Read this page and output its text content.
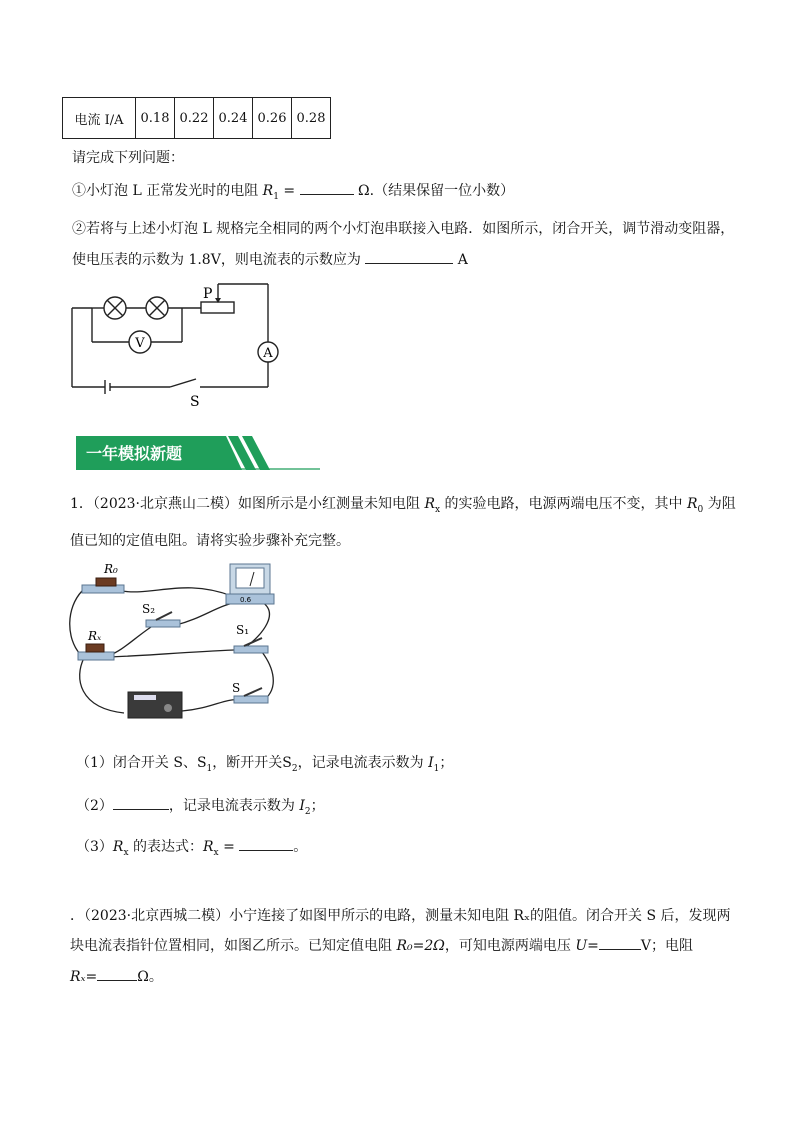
电流 I/A	0.18	0.22	0.24	0.26	0.28
请完成下列问题：
①小灯泡 L 正常发光时的电阻 $R_1$ =	Ω.（结果保留一位小数）
②若将与上述小灯泡 L 规格完全相同的两个小灯泡串联接入电路．如图所示，闭合开关，调节滑动变阻器，
使电压表的示数为 1.8V，则电流表的示数应为	A
V
A
P
S
一年模拟新题
1．（2023·北京燕山二模）如图所示是小红测量未知电阻 $R_x$ 的实验电路，电源两端电压不变，其中 $R_0$ 为阻
值已知的定值电阻。请将实验步骤补充完整。
R₀
0.6
S₂
Rₓ	S₁
S
（1）闭合开关 S、$S_1$，断开开关$S_2$，记录电流表示数为 $I_1$；
（2）	，记录电流表示数为 $I_2$；
$(3)R_x$ 的表达式：$R_x$ =	。
．（2023·北京西城二模）小宁连接了如图甲所示的电路，测量未知电阻 Rₓ的阻值。闭合开关 S 后，发现两
块电流表指针位置相同，如图乙所示。已知定值电阻 R₀=2Ω，可知电源两端电压 U=	V；电阻
Rₓ=	Ω。
